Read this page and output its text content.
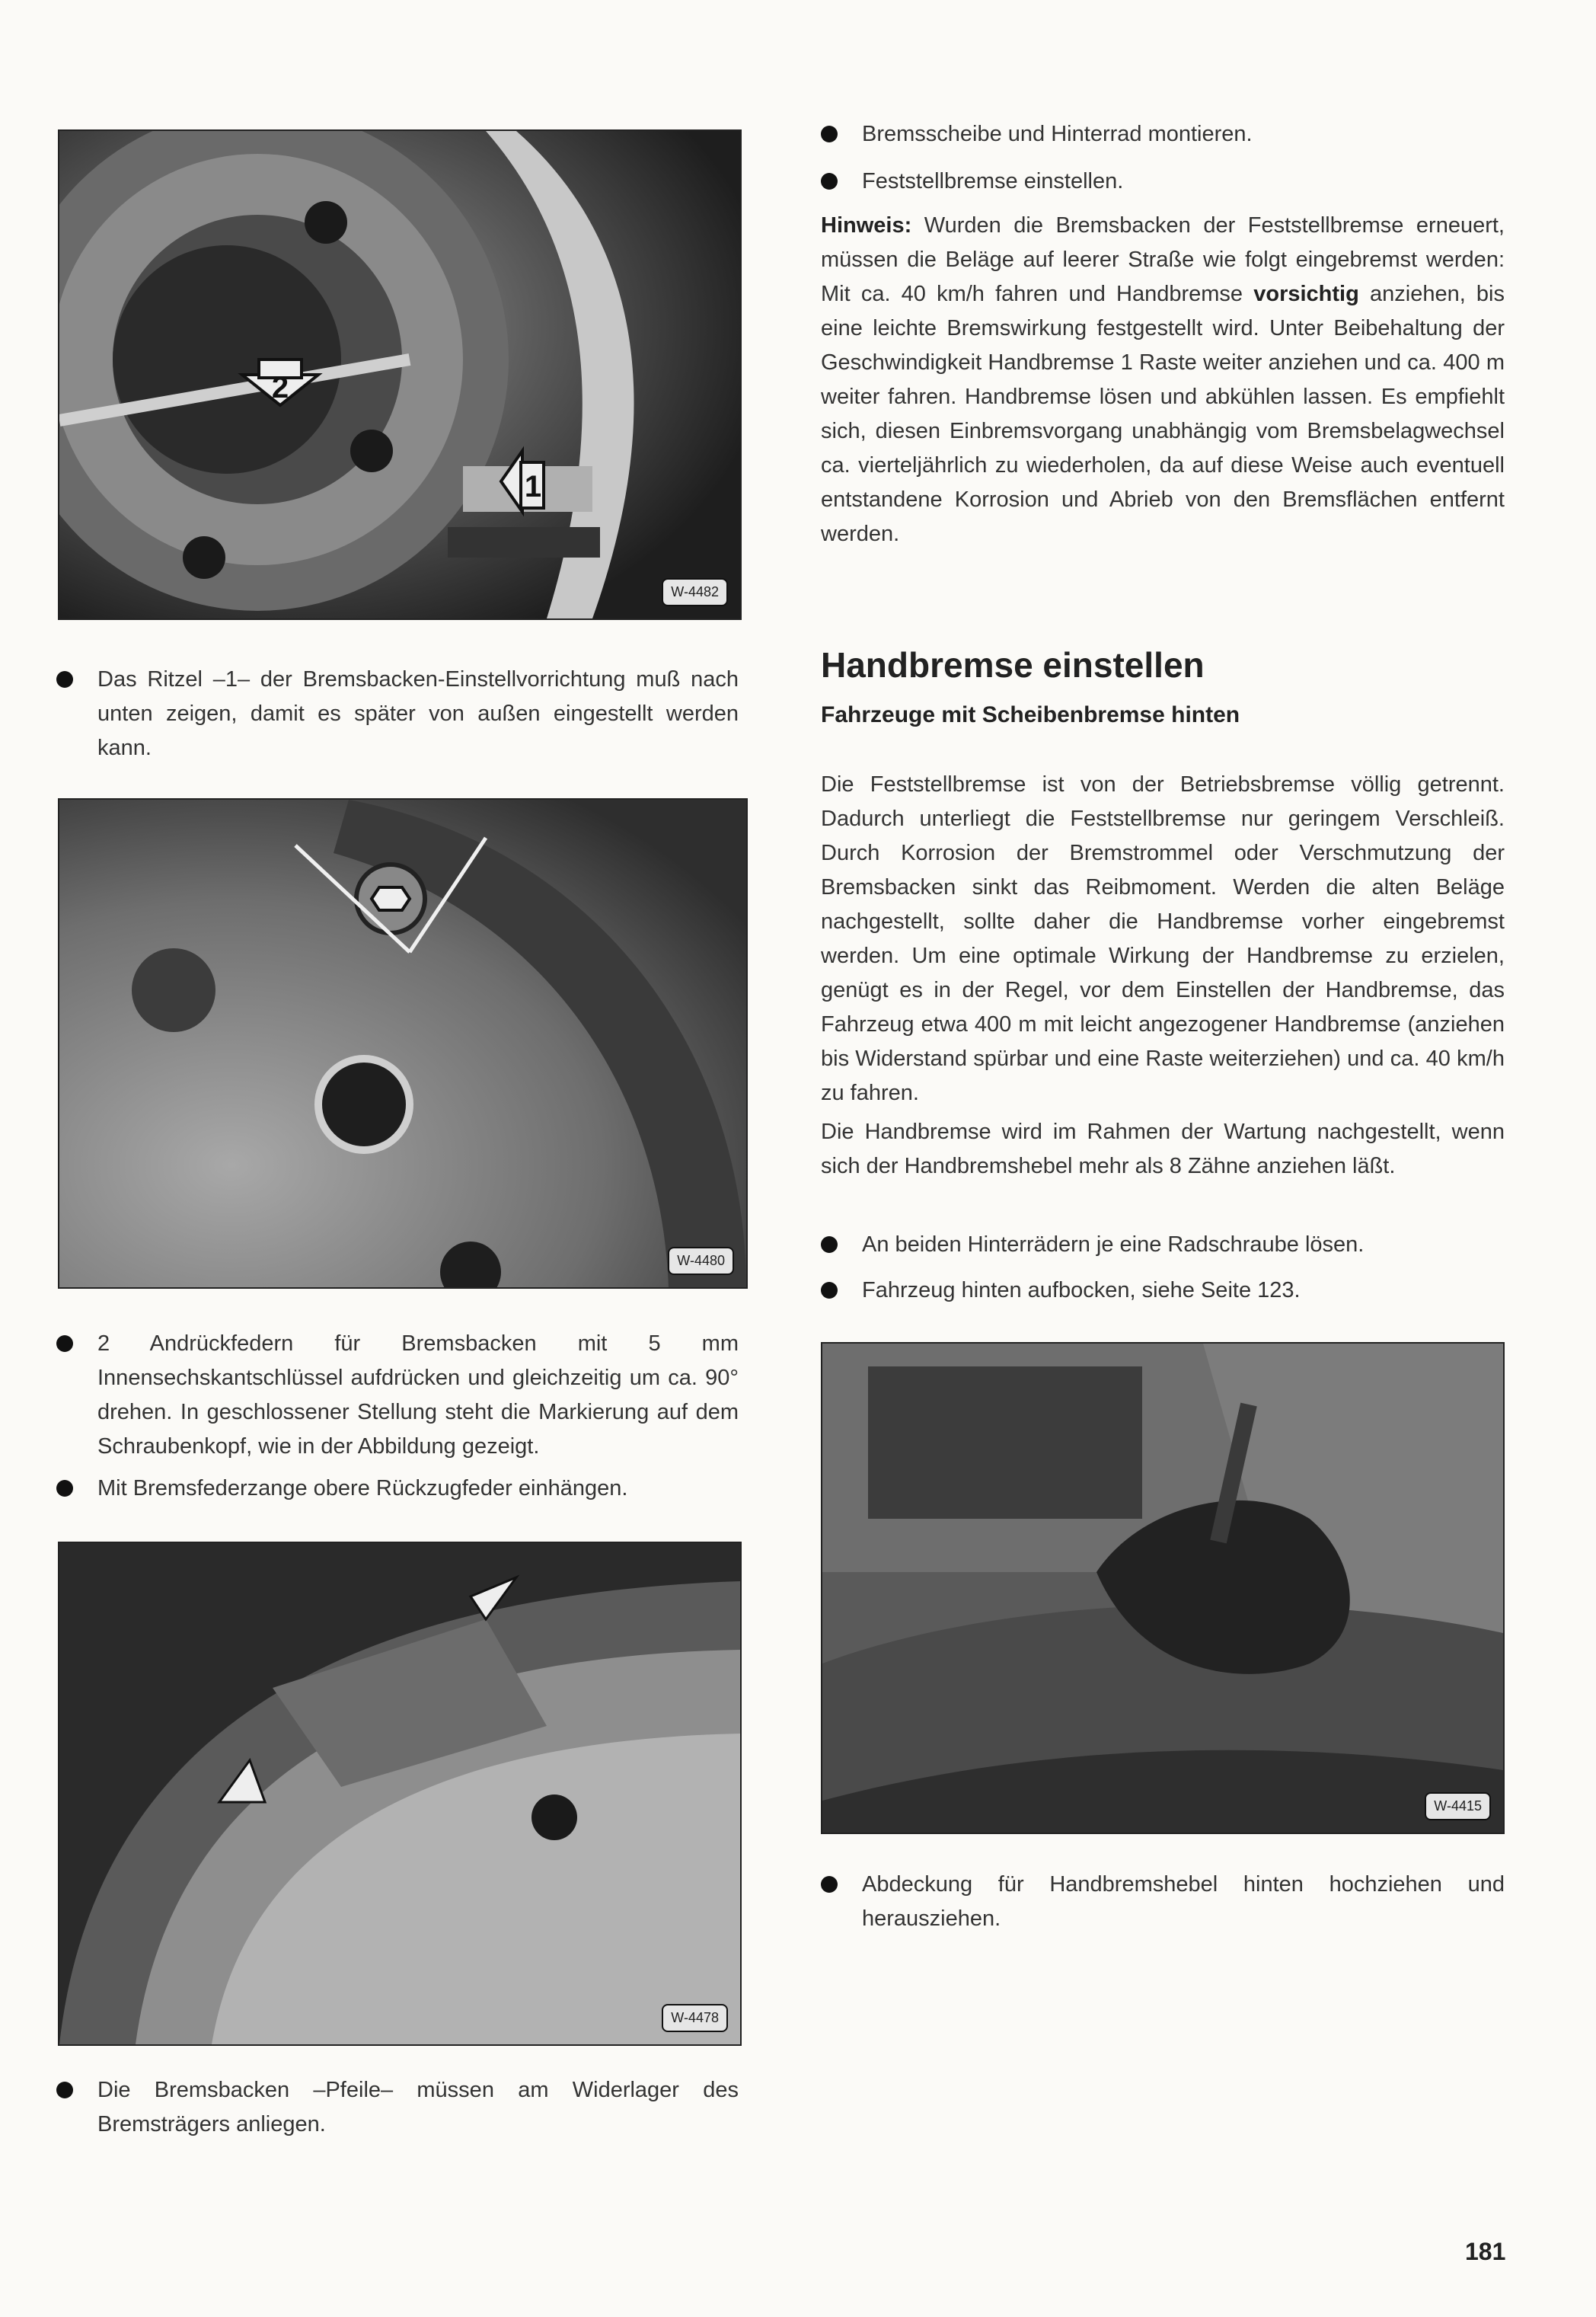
2
1
W-4482
Das Ritzel –1– der Bremsbacken-Einstellvorrichtung muß nach unten zeigen, damit es später von außen eingestellt werden kann.
W-4480
2 Andrückfedern für Bremsbacken mit 5 mm Innensechskantschlüssel aufdrücken und gleichzeitig um ca. 90° drehen. In geschlossener Stellung steht die Markierung auf dem Schraubenkopf, wie in der Abbildung gezeigt.
Mit Bremsfederzange obere Rückzugfeder einhängen.
W-4478
Die Bremsbacken –Pfeile– müssen am Widerlager des Bremsträgers anliegen.
Bremsscheibe und Hinterrad montieren.
Feststellbremse einstellen.
Hinweis: Wurden die Bremsbacken der Feststellbremse erneuert, müssen die Beläge auf leerer Straße wie folgt eingebremst werden: Mit ca. 40 km/h fahren und Handbremse vorsichtig anziehen, bis eine leichte Bremswirkung festgestellt wird. Unter Beibehaltung der Geschwindigkeit Handbremse 1 Raste weiter anziehen und ca. 400 m weiter fahren. Handbremse lösen und abkühlen lassen. Es empfiehlt sich, diesen Einbremsvorgang unabhängig vom Bremsbelagwechsel ca. vierteljährlich zu wiederholen, da auf diese Weise auch eventuell entstandene Korrosion und Abrieb von den Bremsflächen entfernt werden.
Handbremse einstellen
Fahrzeuge mit Scheibenbremse hinten
Die Feststellbremse ist von der Betriebsbremse völlig getrennt. Dadurch unterliegt die Feststellbremse nur geringem Verschleiß. Durch Korrosion der Bremstrommel oder Verschmutzung der Bremsbacken sinkt das Reibmoment. Werden die alten Beläge nachgestellt, sollte daher die Handbremse vorher eingebremst werden. Um eine optimale Wirkung der Handbremse zu erzielen, genügt es in der Regel, vor dem Einstellen der Handbremse, das Fahrzeug etwa 400 m mit leicht angezogener Handbremse (anziehen bis Widerstand spürbar und eine Raste weiterziehen) und ca. 40 km/h zu fahren.
Die Handbremse wird im Rahmen der Wartung nachgestellt, wenn sich der Handbremshebel mehr als 8 Zähne anziehen läßt.
An beiden Hinterrädern je eine Radschraube lösen.
Fahrzeug hinten aufbocken, siehe Seite 123.
W-4415
Abdeckung für Handbremshebel hinten hochziehen und herausziehen.
181
